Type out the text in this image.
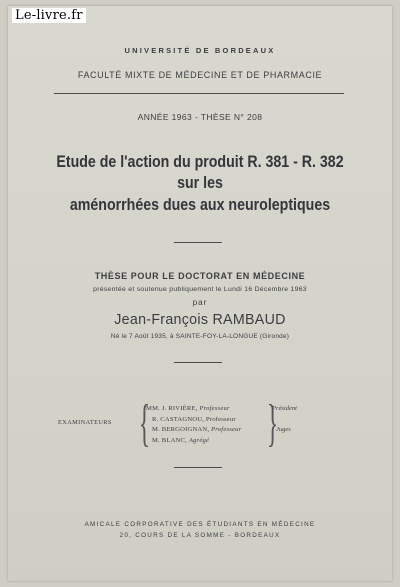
Le-livre.fr
UNIVERSITÉ DE BORDEAUX
FACULTÉ MIXTE DE MÉDECINE ET DE PHARMACIE
ANNÉE 1963 - THÈSE N° 208
Etude de l'action du produit R. 381 - R. 382
sur les
aménorrhées dues aux neuroleptiques
THÈSE POUR LE DOCTORAT EN MÉDECINE
présentée et soutenue publiquement le Lundi 16 Décembre 1963
par
Jean-François RAMBAUD
Né le 7 Août 1935, à SAINTE-FOY-LA-LONGUE (Gironde)
EXAMINATEURS {
MM. J. RIVIÈRE, Professeur
R. CASTAGNOU, Professeur
M. BERGOIGNAN, Professeur
M. BLANC, Agrégé	{
Président
Juges
AMICALE CORPORATIVE DES ÉTUDIANTS EN MÉDECINE
20, COURS DE LA SOMME - BORDEAUX
